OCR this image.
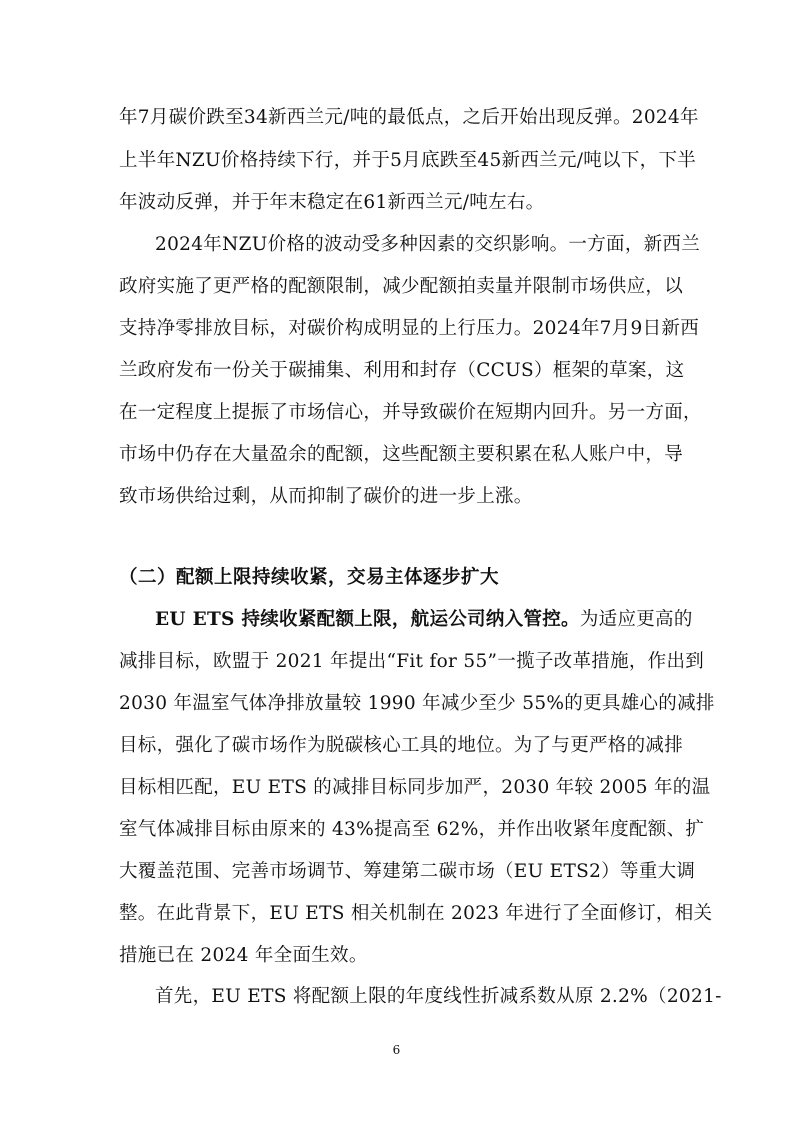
年7月碳价跌至34新西兰元/吨的最低点，之后开始出现反弹。2024年
上半年NZU价格持续下行，并于5月底跌至45新西兰元/吨以下，下半
年波动反弹，并于年末稳定在61新西兰元/吨左右。
2024年NZU价格的波动受多种因素的交织影响。一方面，新西兰
政府实施了更严格的配额限制，减少配额拍卖量并限制市场供应，以
支持净零排放目标，对碳价构成明显的上行压力。2024年7月9日新西
兰政府发布一份关于碳捕集、利用和封存（CCUS）框架的草案，这
在一定程度上提振了市场信心，并导致碳价在短期内回升。另一方面，
市场中仍存在大量盈余的配额，这些配额主要积累在私人账户中，导
致市场供给过剩，从而抑制了碳价的进一步上涨。
（二）配额上限持续收紧，交易主体逐步扩大
EU ETS 持续收紧配额上限，航运公司纳入管控。为适应更高的
减排目标，欧盟于 2021 年提出“Fit for 55”一揽子改革措施，作出到
2030 年温室气体净排放量较 1990 年减少至少 55%的更具雄心的减排
目标，强化了碳市场作为脱碳核心工具的地位。为了与更严格的减排
目标相匹配，EU ETS 的减排目标同步加严，2030 年较 2005 年的温
室气体减排目标由原来的 43%提高至 62%，并作出收紧年度配额、扩
大覆盖范围、完善市场调节、筹建第二碳市场（EU ETS2）等重大调
整。在此背景下，EU ETS 相关机制在 2023 年进行了全面修订，相关
措施已在 2024 年全面生效。
首先，EU ETS 将配额上限的年度线性折减系数从原 2.2%（2021-
6
